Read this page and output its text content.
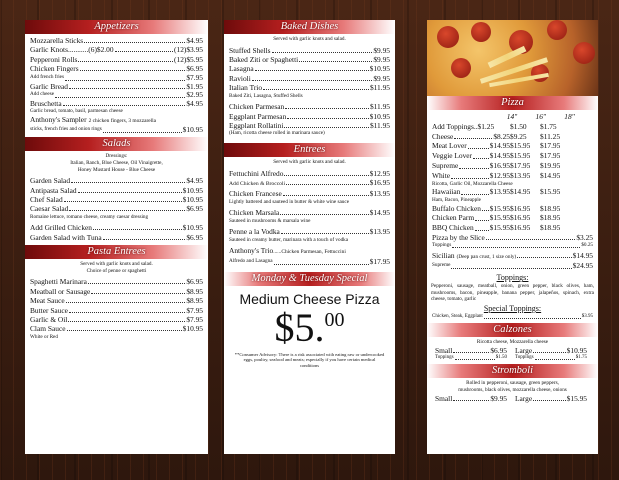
Appetizers
Mozzarella Sticks	$4.95
Garlic Knots...........(6)$2.00	(12)$3.95
Pepperoni Rolls	(12)$5.95
Chicken Fingers	$6.95
Add french fries	$7.95
Garlic Bread	$1.95
Add cheese	$2.95
Bruschetta	$4.95
Garlic bread, tomato, basil, parmesan cheese
Anthony's Sampler 2 chicken fingers, 3 mozzarella
sticks, french fries and onion rings	$10.95
Salads
Dressings:
Italian, Ranch, Blue Cheese, Oil Vinaigrette,
Honey Mustard House - Blue Cheese
Garden Salad	$4.95
Antipasta Salad	$10.95
Chef Salad	$10.95
Caesar Salad	$6.95
Romaine lettuce, romano cheese, creamy caesar dressing
Add Grilled Chicken	$10.95
Garden Salad with Tuna	$6.95
Pasta Entrees
Served with garlic knots and salad.
Choice of penne or spaghetti
Spaghetti Marinara	$6.95
Meatball or Sausage	$8.95
Meat Sauce	$8.95
Butter Sauce	$7.95
Garlic & Oil	$7.95
Clam Sauce	$10.95
White or Red
Baked Dishes
Served with garlic knots and salad.
Stuffed Shells	$9.95
Baked Ziti or Spaghetti	$9.95
Lasagna	$10.95
Ravioli	$9.95
Italian Trio	$11.95
Baked Ziti, Lasagna, Stuffed Shells
Chicken Parmesan	$11.95
Eggplant Parmesan	$10.95
Eggplant Rollatini	$11.95
(Ham, ricotta cheese rolled in marinara sauce)
Entrees
Served with garlic knots and salad.
Fettuchini Alfredo	$12.95
Add Chicken & Broccoli	$16.95
Chicken Francese	$13.95
Lightly battered and sauteed in butter & white wine sauce
Chicken Marsala	$14.95
Sauteed in mushrooms & marsala wine
Penne a la Vodka	$13.95
Sauteed in creamy butter, marinara with a touch of vodka
Anthony's Trio ......Chicken Parmesan, Fettuccini
Alfredo and Lasagna	$17.95
Monday & Tuesday Special
Medium Cheese Pizza
$5.00
**Consumer Advisory: There is a risk associated with eating raw or undercooked eggs, poultry, seafood and meats; especially if you have certain medical conditions
Pizza
14"	16"	18"
Add Toppings..$1.25 $1.50	$1.75
Cheese	$8.25 $9.25	$11.25
Meat Lover	$14.95 $15.95	$17.95
Veggie Lover $14.95 $15.95	$17.95
Supreme	$16.95 $17.95	$19.95
White	$12.95 $13.95	$14.95
Ricotta, Garlic Oil, Mozzarella Cheese
Hawaiian	$13.95 $14.95	$15.95
Ham, Bacon, Pineapple
Buffalo Chicken $15.95 $16.95	$18.95
Chicken Parm $15.95 $16.95	$18.95
BBQ Chicken $15.95 $16.95	$18.95
Pizza by the Slice	$3.25
Toppings	$0.25
Sicilian (Deep pan crust, 1 size only)	$14.95
Supreme	$24.95
Toppings:
Pepperoni, sausage, meatball, onion, green pepper, black olives, ham, mushrooms, bacon, pineapple, banana pepper, jalapeños, spinach, extra cheese, tomato, garlic
Special Toppings:
Chicken, Steak, Eggplant	$3.95
Calzones
Ricotta cheese, Mozzarella cheese
Small	$6.95 Large	$10.95
Toppings	$1.50 Toppings	$1.75
Stromboli
Rolled in pepperoni, sausage, green peppers,
mushrooms, black olives, mozzarella cheese, onions
Small	$9.95 Large	$15.95
